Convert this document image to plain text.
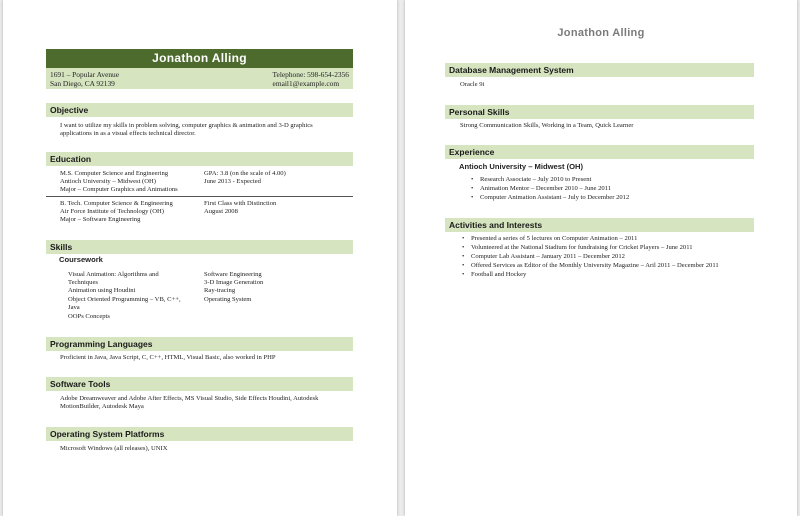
Jonathon Alling
1691 – Popular Avenue
San Diego, CA 92139
Telephone: 598-654-2356
email1@example.com
Objective
I want to utilize my skills in problem solving, computer graphics & animation and 3-D graphics
applications in as a visual effects technical director.
Education
M.S. Computer Science and Engineering
Antioch University – Midwest (OH)
Major – Computer Graphics and Animations
GPA: 3.8 (on the scale of 4.00)
June 2013 - Expected
B. Tech. Computer Science & Engineering
Air Force Institute of Technology (OH)
Major – Software Engineering
First Class with Distinction
August 2008
Skills
Coursework
Visual Animation: Algorithms and
Techniques
Animation using Houdini
Object Oriented Programming – VB, C++,
Java
OOPs Concepts
Software Engineering
3-D Image Generation
Ray-tracing
Operating System
Programming Languages
Proficient in Java, Java Script, C, C++, HTML, Visual Basic, also worked in PHP
Software Tools
Adobe Dreamweaver and Adobe After Effects, MS Visual Studio, Side Effects Houdini, Autodesk
MotionBuilder, Autodesk Maya
Operating System Platforms
Microsoft Windows (all releases), UNIX
Jonathon Alling
Database Management System
Oracle 9i
Personal Skills
Strong Communication Skills, Working in a Team, Quick Learner
Experience
Antioch University – Midwest (OH)
• Research Associate – July 2010 to Present
• Animation Mentor – December 2010 – June 2011
• Computer Animation Assistant – July to December 2012
Activities and Interests
• Presented a series of 5 lectures on Computer Animation – 2011
• Volunteered at the National Stadium for fundraising for Cricket Players – June 2011
• Computer Lab Assistant – January 2011 – December 2012
• Offered Services as Editor of the Monthly University Magazine – Aril 2011 – December 2011
• Football and Hockey
